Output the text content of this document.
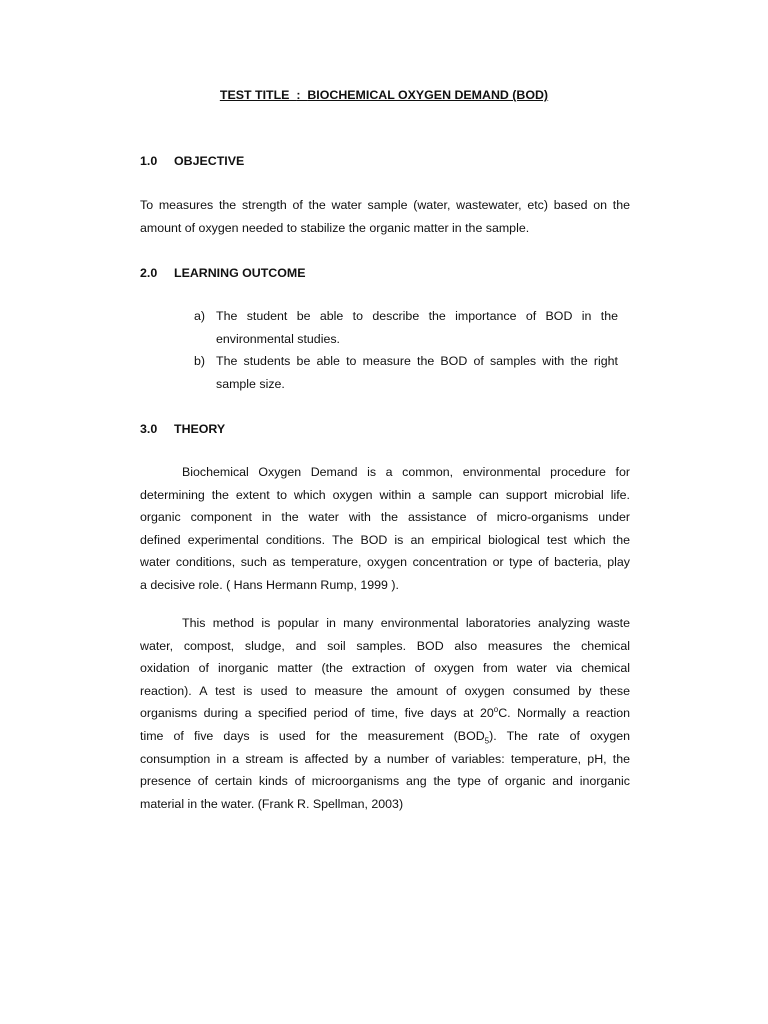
TEST TITLE : BIOCHEMICAL OXYGEN DEMAND (BOD)
1.0 OBJECTIVE
To measures the strength of the water sample (water, wastewater, etc) based on the
amount of oxygen needed to stabilize the organic matter in the sample.
2.0 LEARNING OUTCOME
a) The student be able to describe the importance of BOD in the
environmental studies.
b) The students be able to measure the BOD of samples with the right
sample size.
3.0 THEORY
Biochemical Oxygen Demand is a common, environmental procedure for
determining the extent to which oxygen within a sample can support microbial life.
organic component in the water with the assistance of micro-organisms under
defined experimental conditions. The BOD is an empirical biological test which the
water conditions, such as temperature, oxygen concentration or type of bacteria, play
a decisive role. ( Hans Hermann Rump, 1999 ).
This method is popular in many environmental laboratories analyzing waste
water, compost, sludge, and soil samples. BOD also measures the chemical
oxidation of inorganic matter (the extraction of oxygen from water via chemical
reaction). A test is used to measure the amount of oxygen consumed by these
organisms during a specified period of time, five days at 20$^o$C. Normally a reaction
time of five days is used for the measurement $(BOD_5)$. The rate of oxygen
consumption in a stream is affected by a number of variables: temperature, pH, the
presence of certain kinds of microorganisms ang the type of organic and inorganic
material in the water. (Frank R. Spellman, 2003)
